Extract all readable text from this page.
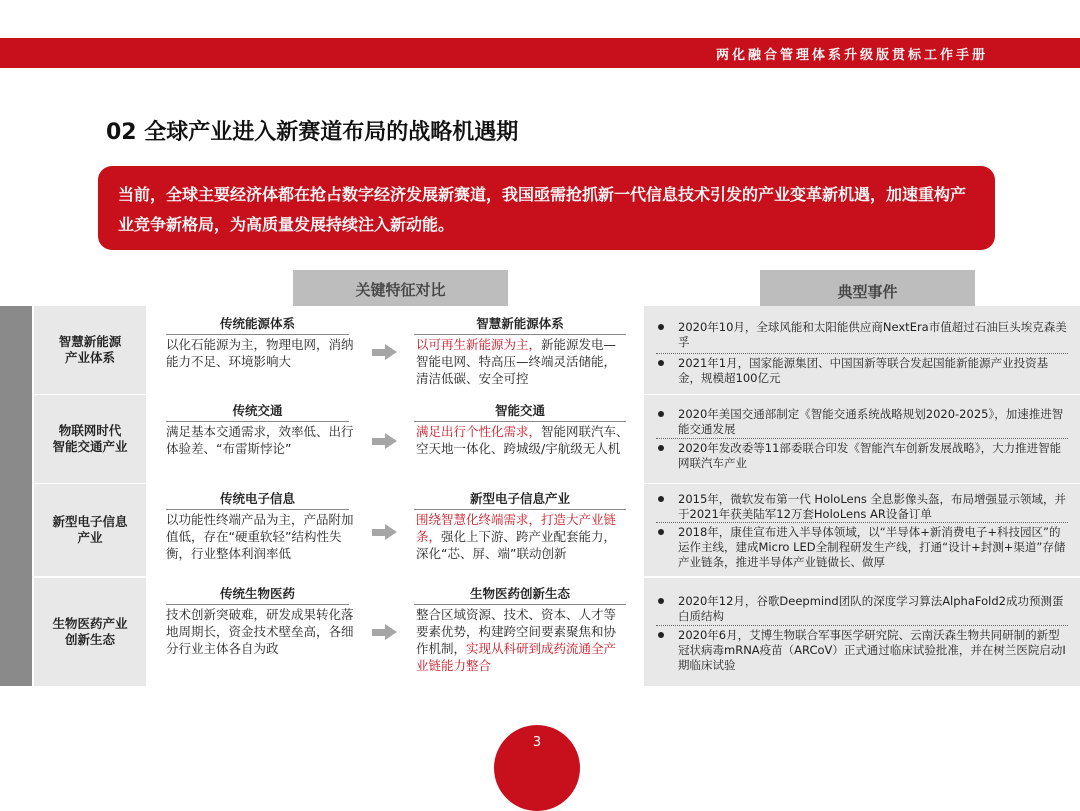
两化融合管理体系升级版贯标工作手册
02 全球产业进入新赛道布局的战略机遇期
当前，全球主要经济体都在抢占数字经济发展新赛道，我国亟需抢抓新一代信息技术引发的产业变革新机遇，加速重构产业竞争新格局，为高质量发展持续注入新动能。
关键特征对比	典型事件
智慧新能源
产业体系
传统能源体系
以化石能源为主，物理电网，消纳能力不足、环境影响大
智慧新能源体系
以可再生新能源为主，新能源发电—智能电网、特高压—终端灵活储能，清洁低碳、安全可控
2020年10月，全球风能和太阳能供应商NextEra市值超过石油巨头埃克森美孚
2021年1月，国家能源集团、中国国新等联合发起国能新能源产业投资基金，规模超100亿元
物联网时代
智能交通产业
传统交通
满足基本交通需求，效率低、出行体验差、“布雷斯悖论”
智能交通
满足出行个性化需求，智能网联汽车、空天地一体化、跨城级/宇航级无人机
2020年美国交通部制定《智能交通系统战略规划2020-2025》，加速推进智能交通发展
2020年发改委等11部委联合印发《智能汽车创新发展战略》，大力推进智能网联汽车产业
新型电子信息
产业
传统电子信息
以功能性终端产品为主，产品附加值低，存在“硬重软轻”结构性失衡，行业整体利润率低
新型电子信息产业
围绕智慧化终端需求，打造大产业链条，强化上下游、跨产业配套能力，深化“芯、屏、端”联动创新
2015年，微软发布第一代 HoloLens 全息影像头盔，布局增强显示领域，并于2021年获美陆军12万套HoloLens AR设备订单
2018年，康佳宣布进入半导体领域，以“半导体+新消费电子+科技园区”的运作主线，建成Micro LED全制程研发生产线，打通“设计+封测+渠道”存储产业链条，推进半导体产业链做长、做厚
生物医药产业
创新生态
传统生物医药
技术创新突破难，研发成果转化落地周期长，资金技术壁垒高，各细分行业主体各自为政
生物医药创新生态
整合区域资源、技术、资本、人才等要素优势，构建跨空间要素聚焦和协作机制，实现从科研到成药流通全产业链能力整合
2020年12月，谷歌Deepmind团队的深度学习算法AlphaFold2成功预测蛋白质结构
2020年6月，艾博生物联合军事医学研究院、云南沃森生物共同研制的新型冠状病毒mRNA疫苗（ARCoV）正式通过临床试验批准，并在树兰医院启动I期临床试验
3
